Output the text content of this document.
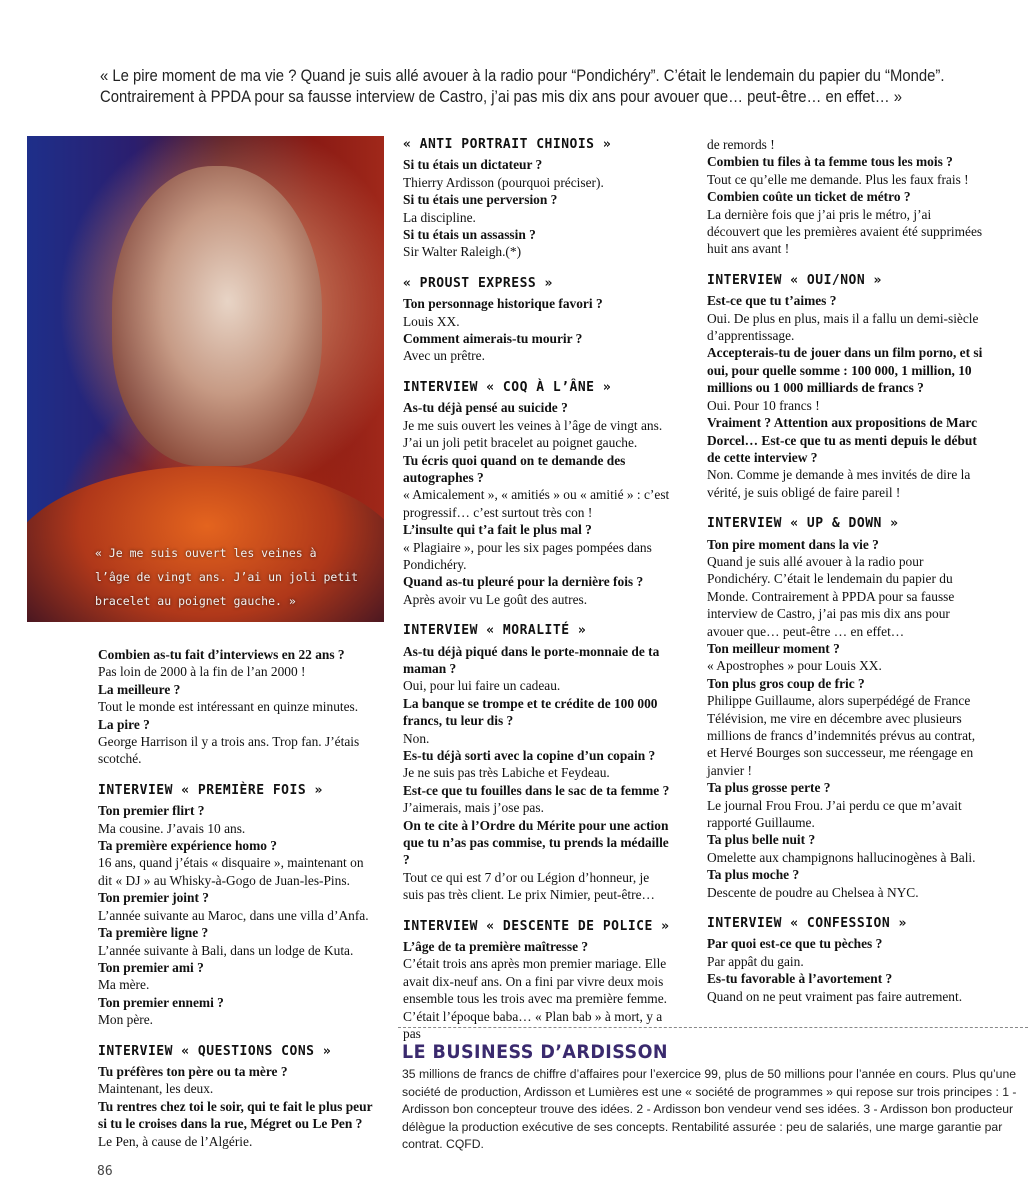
« Le pire moment de ma vie ? Quand je suis allé avouer à la radio pour “Pondichéry”. C’était le lendemain du papier du “Monde”. Contrairement à PPDA pour sa fausse interview de Castro, j’ai pas mis dix ans pour avouer que… peut-être… en effet… »
« Je me suis ouvert les veines à
l’âge de vingt ans. J’ai un joli petit
bracelet au poignet gauche. »
Combien as-tu fait d’interviews en 22 ans ?
Pas loin de 2000 à la fin de l’an 2000 !
La meilleure ?
Tout le monde est intéressant en quinze minutes.
La pire ?
George Harrison il y a trois ans. Trop fan. J’étais scotché.
INTERVIEW « PREMIÈRE FOIS »
Ton premier flirt ?
Ma cousine. J’avais 10 ans.
Ta première expérience homo ?
16 ans, quand j’étais « disquaire », maintenant on dit « DJ » au Whisky-à-Gogo de Juan-les-Pins.
Ton premier joint ?
L’année suivante au Maroc, dans une villa d’Anfa.
Ta première ligne ?
L’année suivante à Bali, dans un lodge de Kuta.
Ton premier ami ?
Ma mère.
Ton premier ennemi ?
Mon père.
INTERVIEW « QUESTIONS CONS »
Tu préfères ton père ou ta mère ?
Maintenant, les deux.
Tu rentres chez toi le soir, qui te fait le plus peur si tu le croises dans la rue, Mégret ou Le Pen ?
Le Pen, à cause de l’Algérie.
« ANTI PORTRAIT CHINOIS »
Si tu étais un dictateur ?
Thierry Ardisson (pourquoi préciser).
Si tu étais une perversion ?
La discipline.
Si tu étais un assassin ?
Sir Walter Raleigh.(*)
« PROUST EXPRESS »
Ton personnage historique favori ?
Louis XX.
Comment aimerais-tu mourir ?
Avec un prêtre.
INTERVIEW « COQ À L’ÂNE »
As-tu déjà pensé au suicide ?
Je me suis ouvert les veines à l’âge de vingt ans. J’ai un joli petit bracelet au poignet gauche.
Tu écris quoi quand on te demande des autographes ?
« Amicalement », « amitiés » ou « amitié » : c’est progressif… c’est surtout très con !
L’insulte qui t’a fait le plus mal ?
« Plagiaire », pour les six pages pompées dans Pondichéry.
Quand as-tu pleuré pour la dernière fois ?
Après avoir vu Le goût des autres.
INTERVIEW « MORALITÉ »
As-tu déjà piqué dans le porte-monnaie de ta maman ?
Oui, pour lui faire un cadeau.
La banque se trompe et te crédite de 100 000 francs, tu leur dis ?
Non.
Es-tu déjà sorti avec la copine d’un copain ?
Je ne suis pas très Labiche et Feydeau.
Est-ce que tu fouilles dans le sac de ta femme ?
J’aimerais, mais j’ose pas.
On te cite à l’Ordre du Mérite pour une action que tu n’as pas commise, tu prends la médaille ?
Tout ce qui est 7 d’or ou Légion d’honneur, je suis pas très client. Le prix Nimier, peut-être…
INTERVIEW « DESCENTE DE POLICE »
L’âge de ta première maîtresse ?
C’était trois ans après mon premier mariage. Elle avait dix-neuf ans. On a fini par vivre deux mois ensemble tous les trois avec ma première femme. C’était l’époque baba… « Plan bab » à mort, y a pas
de remords !
Combien tu files à ta femme tous les mois ?
Tout ce qu’elle me demande. Plus les faux frais !
Combien coûte un ticket de métro ?
La dernière fois que j’ai pris le métro, j’ai découvert que les premières avaient été supprimées huit ans avant !
INTERVIEW « OUI/NON »
Est-ce que tu t’aimes ?
Oui. De plus en plus, mais il a fallu un demi-siècle d’apprentissage.
Accepterais-tu de jouer dans un film porno, et si oui, pour quelle somme : 100 000, 1 million, 10 millions ou 1 000 milliards de francs ?
Oui. Pour 10 francs !
Vraiment ? Attention aux propositions de Marc Dorcel… Est-ce que tu as menti depuis le début de cette interview ?
Non. Comme je demande à mes invités de dire la vérité, je suis obligé de faire pareil !
INTERVIEW « UP & DOWN »
Ton pire moment dans la vie ?
Quand je suis allé avouer à la radio pour Pondichéry. C’était le lendemain du papier du Monde. Contrairement à PPDA pour sa fausse interview de Castro, j’ai pas mis dix ans pour avouer que… peut-être … en effet…
Ton meilleur moment ?
« Apostrophes » pour Louis XX.
Ton plus gros coup de fric ?
Philippe Guillaume, alors superpédégé de France Télévision, me vire en décembre avec plusieurs millions de francs d’indemnités prévus au contrat, et Hervé Bourges son successeur, me réengage en janvier !
Ta plus grosse perte ?
Le journal Frou Frou. J’ai perdu ce que m’avait rapporté Guillaume.
Ta plus belle nuit ?
Omelette aux champignons hallucinogènes à Bali.
Ta plus moche ?
Descente de poudre au Chelsea à NYC.
INTERVIEW « CONFESSION »
Par quoi est-ce que tu pèches ?
Par appât du gain.
Es-tu favorable à l’avortement ?
Quand on ne peut vraiment pas faire autrement.
LE BUSINESS D’ARDISSON
35 millions de francs de chiffre d’affaires pour l’exercice 99, plus de 50 millions pour l’année en cours. Plus qu’une société de production, Ardisson et Lumières est une « société de programmes » qui repose sur trois principes : 1 - Ardisson bon concepteur trouve des idées. 2 - Ardisson bon vendeur vend ses idées. 3 - Ardisson bon producteur délègue la production exécutive de ses concepts. Rentabilité assurée : peu de salariés, une marge garantie par contrat. CQFD.
86
